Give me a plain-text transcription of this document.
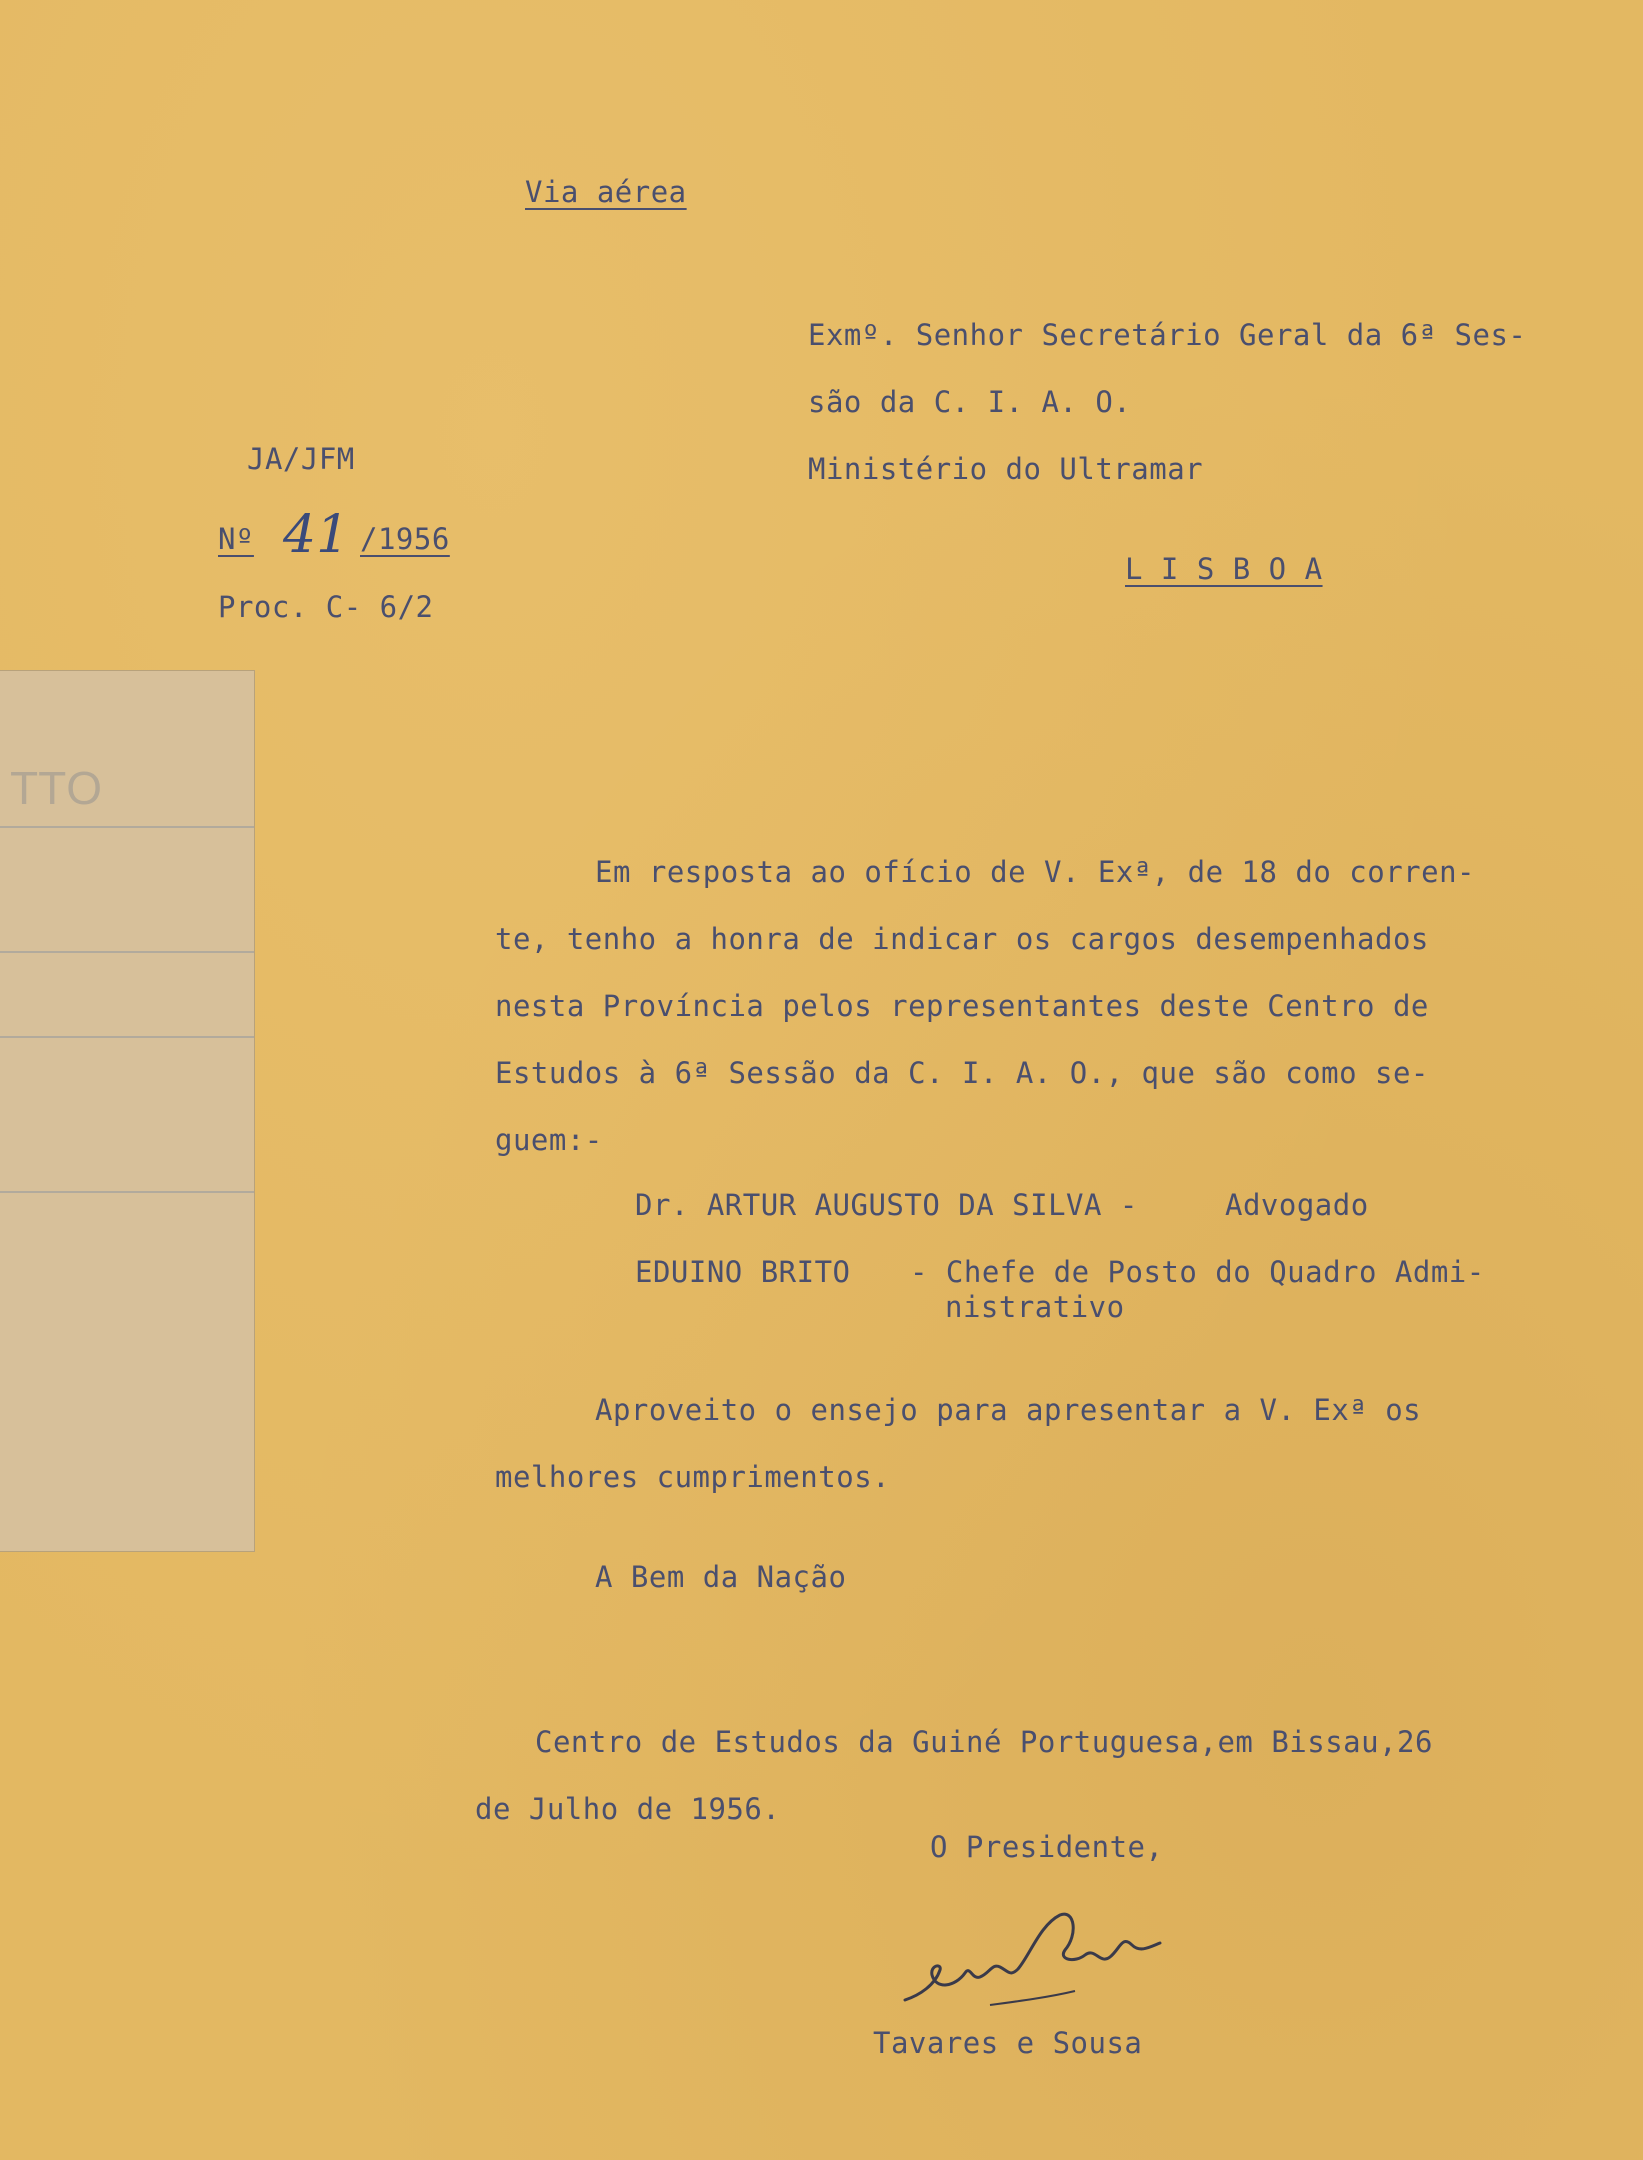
Via aérea
Exmº. Senhor Secretário Geral da 6ª Ses-
são da C. I. A. O.
Ministério do Ultramar
L I S B O A
JA/JFM
Nº 41 /1956
Proc. C- 6/2
OTT
Em resposta ao ofício de V. Exª, de 18 do corren-
te, tenho a honra de indicar os cargos desempenhados
nesta Província pelos representantes deste Centro de
Estudos à 6ª Sessão da C. I. A. O., que são como se-
guem:-
Dr. ARTUR AUGUSTO DA SILVA -	Advogado
EDUINO BRITO - Chefe de Posto do Quadro Admi-
nistrativo
Aproveito o ensejo para apresentar a V. Exª os
melhores cumprimentos.
A Bem da Nação
Centro de Estudos da Guiné Portuguesa,em Bissau,26
de Julho de 1956.
O Presidente,
Tavares e Sousa
